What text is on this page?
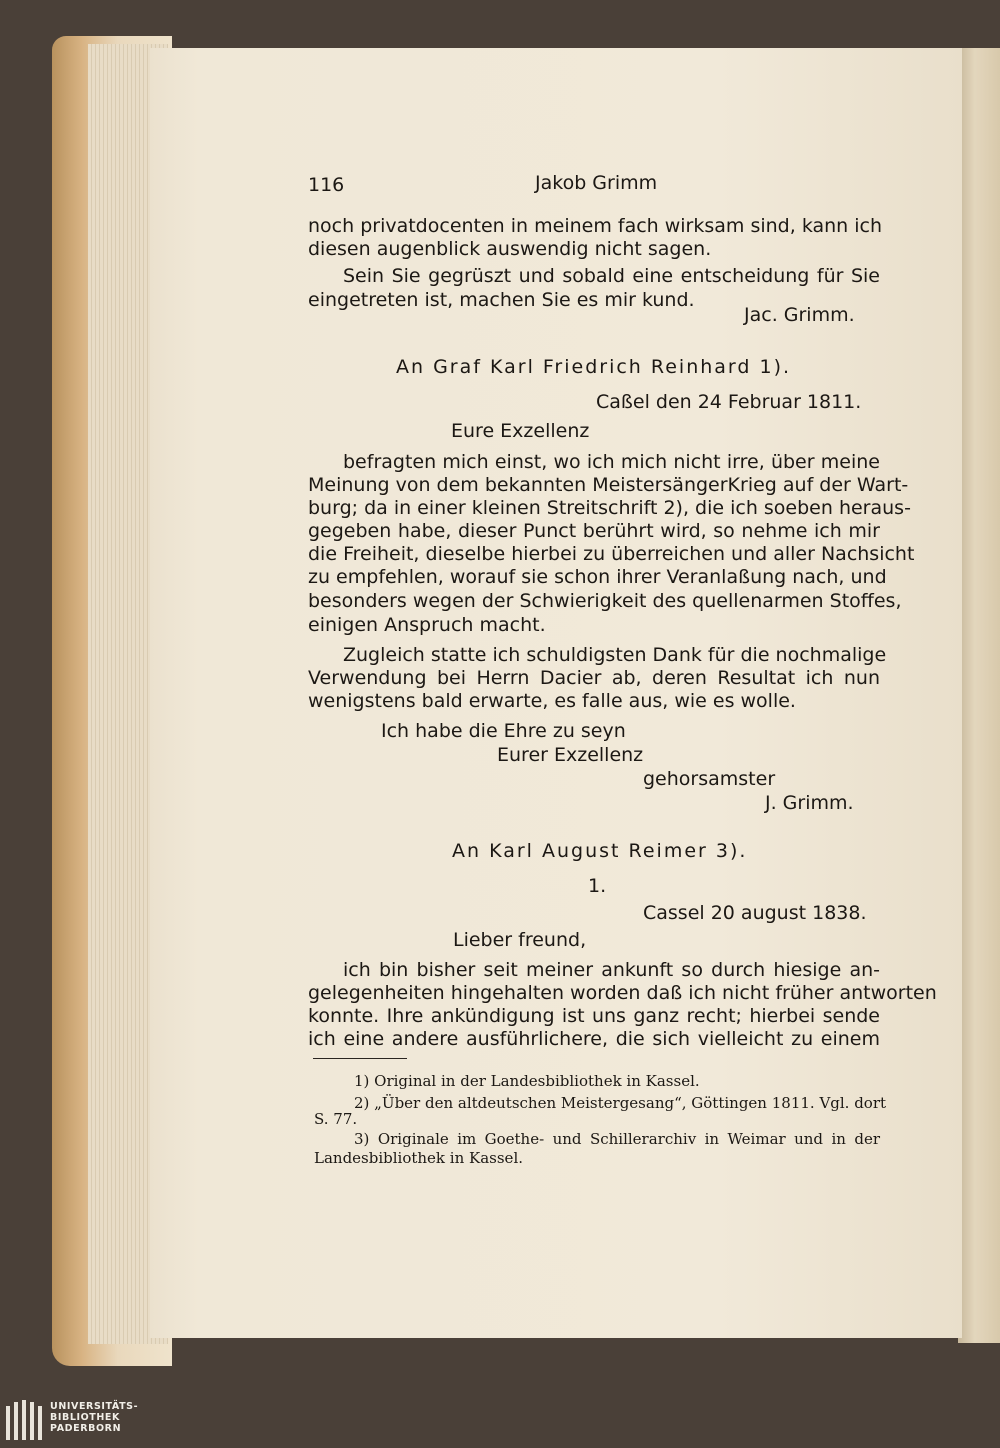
116	Jakob Grimm
noch privatdocenten in meinem fach wirksam sind, kann ich
diesen augenblick auswendig nicht sagen.
Sein Sie gegrüszt und sobald eine entscheidung für Sie
eingetreten ist, machen Sie es mir kund.
Jac. Grimm.
An Graf Karl Friedrich Reinhard 1).
Caßel den 24 Februar 1811.
Eure Exzellenz
befragten mich einst, wo ich mich nicht irre, über meine
Meinung von dem bekannten MeistersängerKrieg auf der Wart-
burg; da in einer kleinen Streitschrift 2), die ich soeben heraus-
gegeben habe, dieser Punct berührt wird, so nehme ich mir
die Freiheit, dieselbe hierbei zu überreichen und aller Nachsicht
zu empfehlen, worauf sie schon ihrer Veranlaßung nach, und
besonders wegen der Schwierigkeit des quellenarmen Stoffes,
einigen Anspruch macht.
Zugleich statte ich schuldigsten Dank für die nochmalige
Verwendung bei Herrn Dacier ab, deren Resultat ich nun
wenigstens bald erwarte, es falle aus, wie es wolle.
Ich habe die Ehre zu seyn
Eurer Exzellenz
gehorsamster
J. Grimm.
An Karl August Reimer 3).
1.
Cassel 20 august 1838.
Lieber freund,
ich bin bisher seit meiner ankunft so durch hiesige an-
gelegenheiten hingehalten worden daß ich nicht früher antworten
konnte. Ihre ankündigung ist uns ganz recht; hierbei sende
ich eine andere ausführlichere, die sich vielleicht zu einem
1) Original in der Landesbibliothek in Kassel.
2) „Über den altdeutschen Meistergesang“, Göttingen 1811. Vgl. dort
S. 77.
3) Originale im Goethe- und Schillerarchiv in Weimar und in der
Landesbibliothek in Kassel.
UNIVERSITÄTS-
BIBLIOTHEK
PADERBORN
